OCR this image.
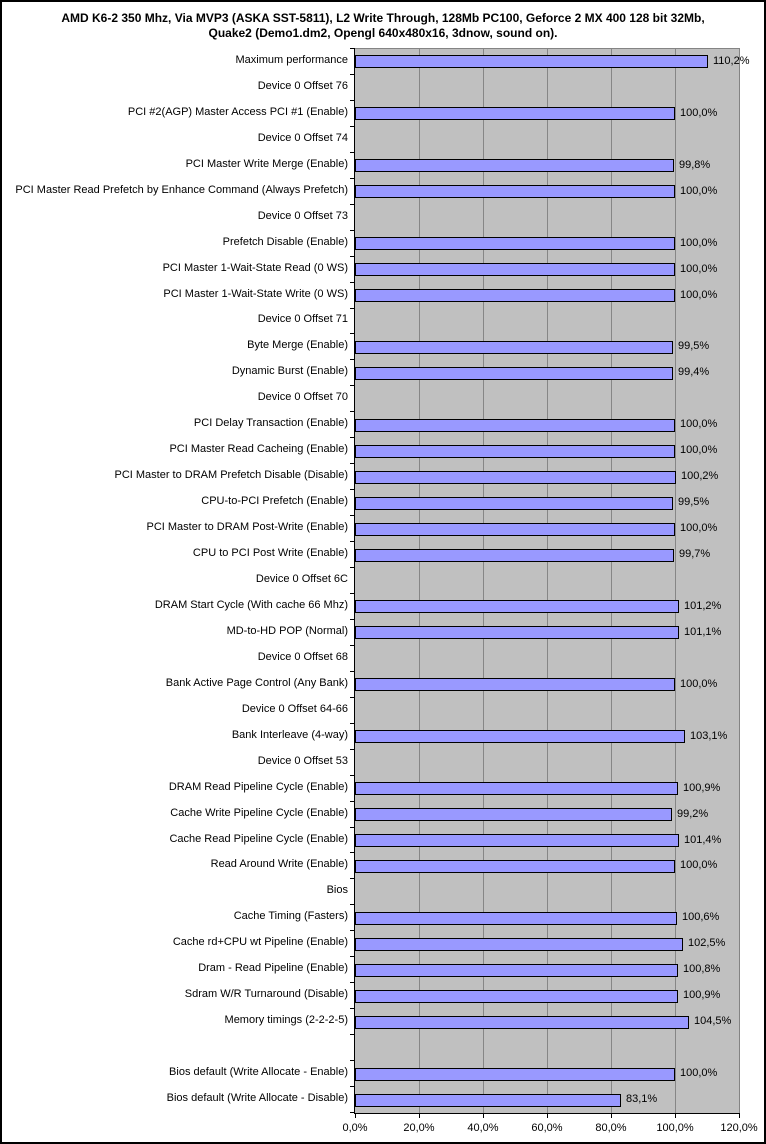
AMD K6-2 350 Mhz, Via MVP3 (ASKA SST-5811), L2 Write Through, 128Mb PC100, Geforce 2 MX 400 128 bit 32Mb,
Quake2 (Demo1.dm2, Opengl 640x480x16, 3dnow, sound on).
Maximum performance
Device 0 Offset 76
PCI #2(AGP) Master Access PCI #1 (Enable)
Device 0 Offset 74
PCI Master Write Merge (Enable)
PCI Master Read Prefetch by Enhance Command (Always Prefetch)
Device 0 Offset 73
Prefetch Disable (Enable)
PCI Master 1-Wait-State Read (0 WS)
PCI Master 1-Wait-State Write (0 WS)
Device 0 Offset 71
Byte Merge (Enable)
Dynamic Burst (Enable)
Device 0 Offset 70
PCI Delay Transaction (Enable)
PCI Master Read Cacheing (Enable)
PCI Master to DRAM Prefetch Disable (Disable)
CPU-to-PCI Prefetch (Enable)
PCI Master to DRAM Post-Write (Enable)
CPU to PCI Post Write (Enable)
Device 0 Offset 6C
DRAM Start Cycle (With cache 66 Mhz)
MD-to-HD POP (Normal)
Device 0 Offset 68
Bank Active Page Control (Any Bank)
Device 0 Offset 64-66
Bank Interleave (4-way)
Device 0 Offset 53
DRAM Read Pipeline Cycle (Enable)
Cache Write Pipeline Cycle (Enable)
Cache Read Pipeline Cycle (Enable)
Read Around Write (Enable)
Bios
Cache Timing (Fasters)
Cache rd+CPU wt Pipeline (Enable)
Dram - Read Pipeline (Enable)
Sdram W/R Turnaround (Disable)
Memory timings (2-2-2-5)
Bios default (Write Allocate - Enable)
Bios default (Write Allocate - Disable)
110,2%
100,0%
99,8%
100,0%
100,0%
100,0%
100,0%
99,5%
99,4%
100,0%
100,0%
100,2%
99,5%
100,0%
99,7%
101,2%
101,1%
100,0%
103,1%
100,9%
99,2%
101,4%
100,0%
100,6%
102,5%
100,8%
100,9%
104,5%
100,0%
83,1%
0,0%	20,0%	40,0%	60,0%	80,0%	100,0%	120,0%
